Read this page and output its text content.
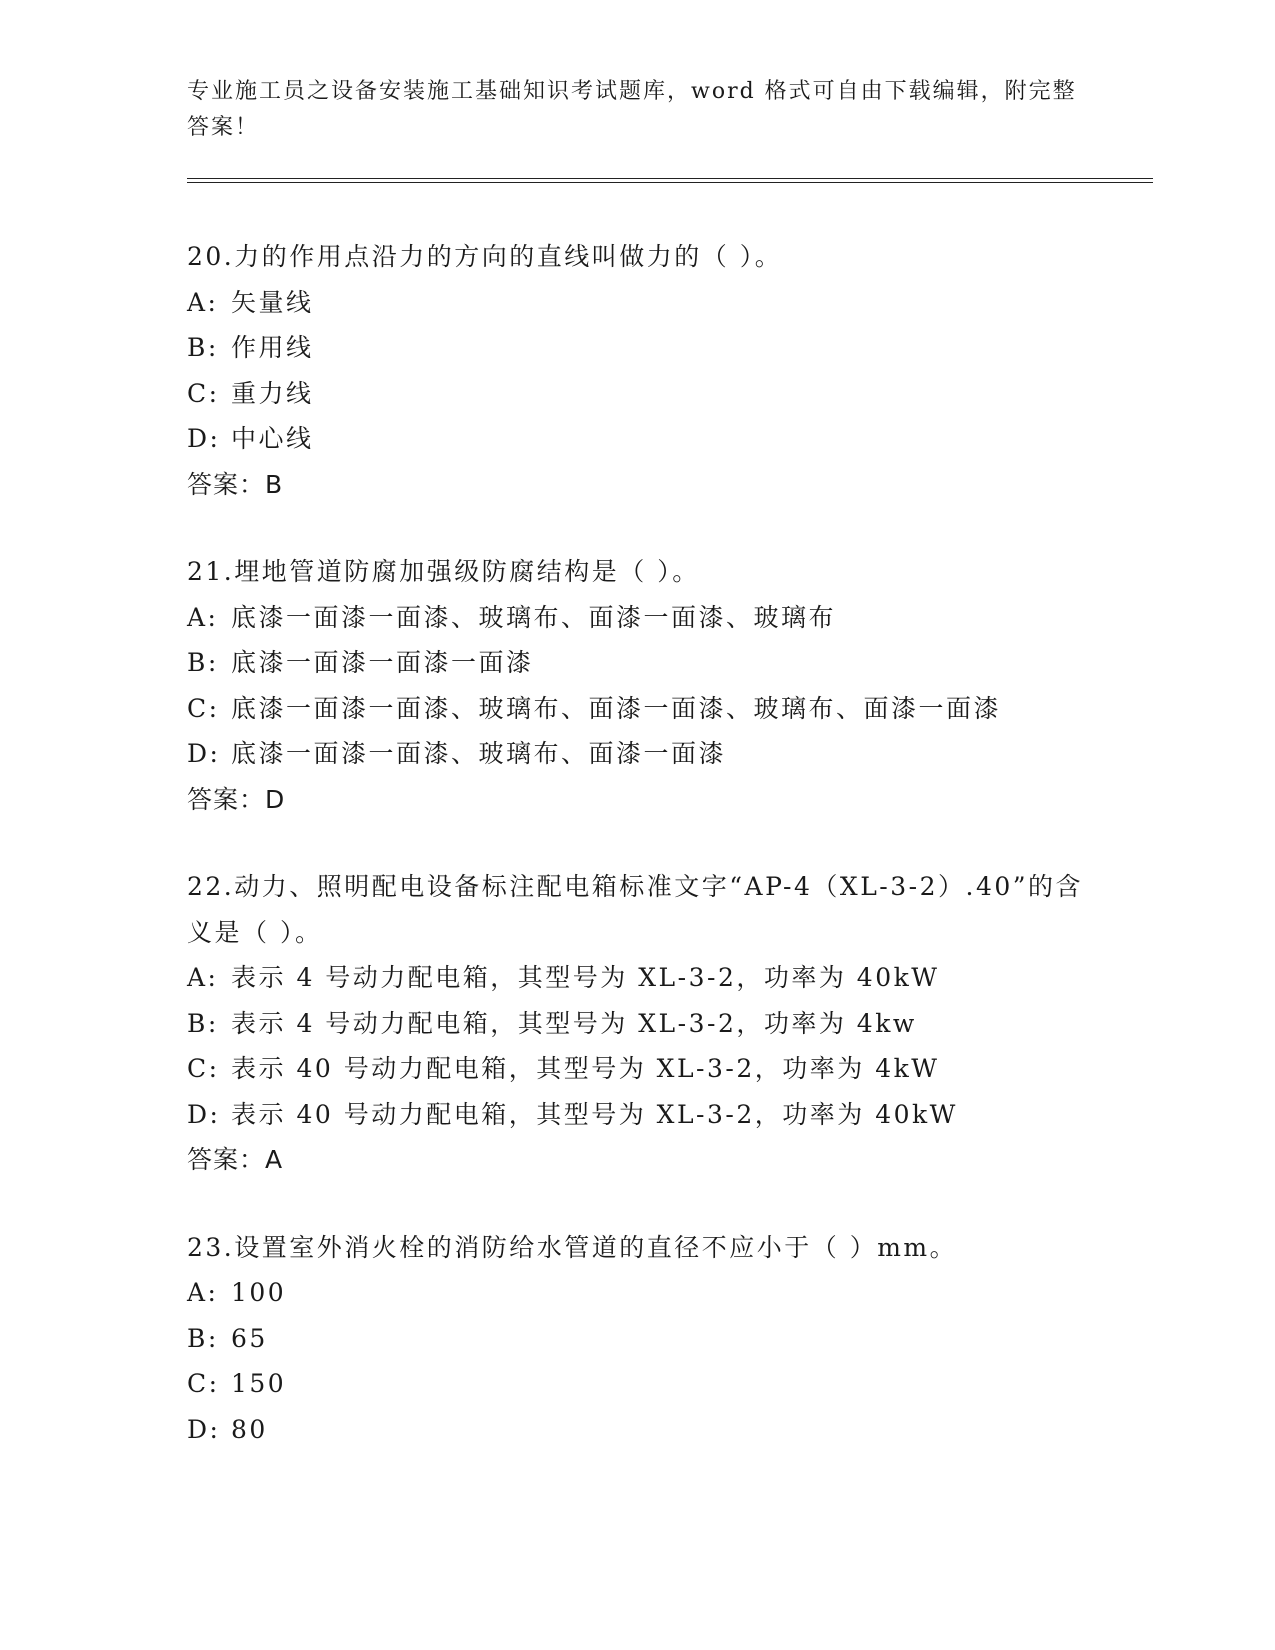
专业施工员之设备安装施工基础知识考试题库，word 格式可自由下载编辑，附完整答案！
20.力的作用点沿力的方向的直线叫做力的（ ）。
A: 矢量线
B: 作用线
C: 重力线
D: 中心线
答案：B
21.埋地管道防腐加强级防腐结构是（ ）。
A: 底漆一面漆一面漆、玻璃布、面漆一面漆、玻璃布
B: 底漆一面漆一面漆一面漆
C: 底漆一面漆一面漆、玻璃布、面漆一面漆、玻璃布、面漆一面漆
D: 底漆一面漆一面漆、玻璃布、面漆一面漆
答案：D
22.动力、照明配电设备标注配电箱标准文字“AP-4（XL-3-2）.40”的含义是（ ）。
A: 表示 4 号动力配电箱，其型号为 XL-3-2，功率为 40kW
B: 表示 4 号动力配电箱，其型号为 XL-3-2，功率为 4kw
C: 表示 40 号动力配电箱，其型号为 XL-3-2，功率为 4kW
D: 表示 40 号动力配电箱，其型号为 XL-3-2，功率为 40kW
答案：A
23.设置室外消火栓的消防给水管道的直径不应小于（ ）mm。
A: 100
B: 65
C: 150
D: 80
